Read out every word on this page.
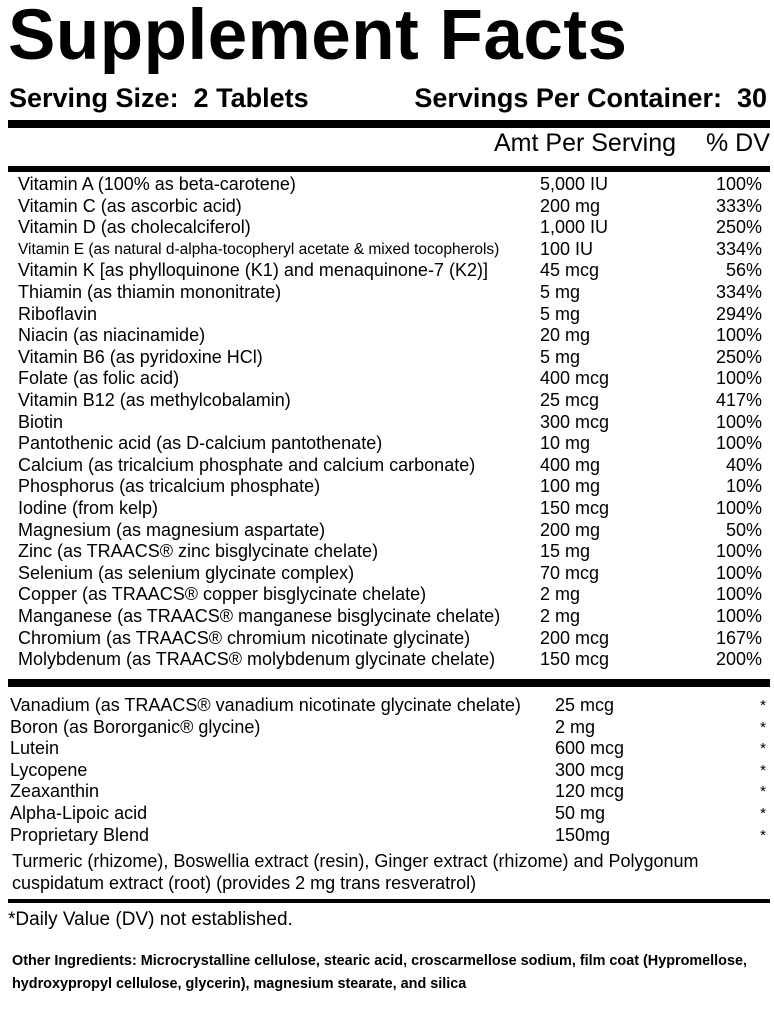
Supplement Facts
Serving Size:  2 Tablets	Servings Per Container:  30
Amt Per Serving % DV
Vitamin A (100% as beta-carotene)	5,000 IU	100%
Vitamin C (as ascorbic acid)	200 mg	333%
Vitamin D (as cholecalciferol)	1,000 IU	250%
Vitamin E (as natural d-alpha-tocopheryl acetate & mixed tocopherols) 100 IU	334%
Vitamin K [as phylloquinone (K1) and menaquinone-7 (K2)]	45 mcg	56%
Thiamin (as thiamin mononitrate)	5 mg	334%
Riboflavin	5 mg	294%
Niacin (as niacinamide)	20 mg	100%
Vitamin B6 (as pyridoxine HCl)	5 mg	250%
Folate (as folic acid)	400 mcg	100%
Vitamin B12 (as methylcobalamin)	25 mcg	417%
Biotin	300 mcg	100%
Pantothenic acid (as D-calcium pantothenate)	10 mg	100%
Calcium (as tricalcium phosphate and calcium carbonate)	400 mg	40%
Phosphorus (as tricalcium phosphate)	100 mg	10%
Iodine (from kelp)	150 mcg	100%
Magnesium (as magnesium aspartate)	200 mg	50%
Zinc (as TRAACS® zinc bisglycinate chelate)	15 mg	100%
Selenium (as selenium glycinate complex)	70 mcg	100%
Copper (as TRAACS® copper bisglycinate chelate)	2 mg	100%
Manganese (as TRAACS® manganese bisglycinate chelate) 2 mg	100%
Chromium (as TRAACS® chromium nicotinate glycinate)	200 mcg	167%
Molybdenum (as TRAACS® molybdenum glycinate chelate) 150 mcg	200%
Vanadium (as TRAACS® vanadium nicotinate glycinate chelate) 25 mcg	*
Boron (as Bororganic® glycine)	2 mg	*
Lutein	600 mcg	*
Lycopene	300 mcg	*
Zeaxanthin	120 mcg	*
Alpha-Lipoic acid	50 mg	*
Proprietary Blend	150mg	*
Turmeric (rhizome), Boswellia extract (resin), Ginger extract (rhizome) and Polygonum cuspidatum extract (root) (provides 2 mg trans resveratrol)
*Daily Value (DV) not established.
Other Ingredients: Microcrystalline cellulose, stearic acid, croscarmellose sodium, film coat (Hypromellose, hydroxypropyl cellulose, glycerin), magnesium stearate, and silica
